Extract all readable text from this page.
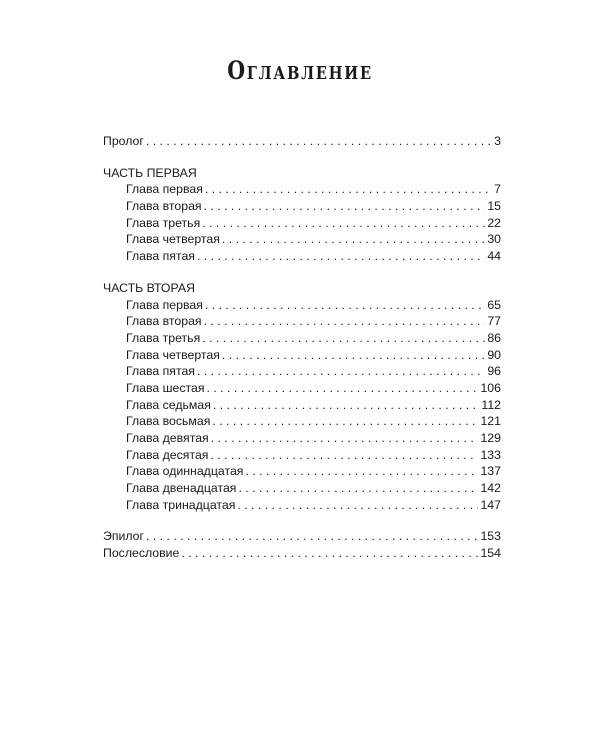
Оглавление
Пролог . . .	3
ЧАСТЬ ПЕРВАЯ
Глава первая . . .	7
Глава вторая . . .	15
Глава третья . . .	22
Глава четвертая . . .	30
Глава пятая . . .	44
ЧАСТЬ ВТОРАЯ
Глава первая . . .	65
Глава вторая . . .	77
Глава третья . . .	86
Глава четвертая . . .	90
Глава пятая . . .	96
Глава шестая . . .	106
Глава седьмая . . .	112
Глава восьмая . . .	121
Глава девятая . . .	129
Глава десятая . . .	133
Глава одиннадцатая . . .	137
Глава двенадцатая . . .	142
Глава тринадцатая . . .	147
Эпилог . . .	153
Послесловие . . .	154
